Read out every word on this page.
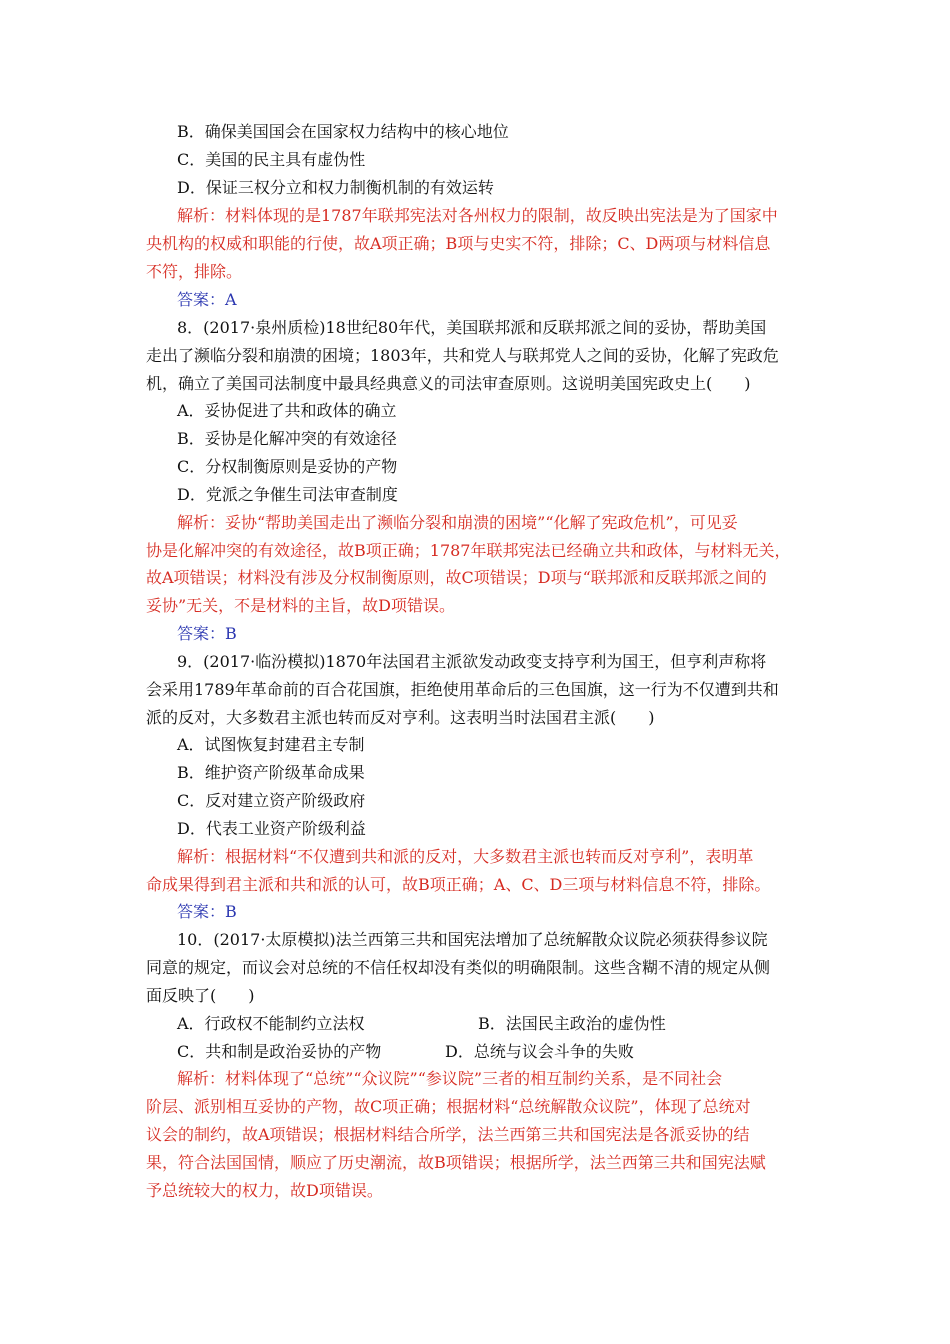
B．确保美国国会在国家权力结构中的核心地位
C．美国的民主具有虚伪性
D．保证三权分立和权力制衡机制的有效运转
解析：材料体现的是1787年联邦宪法对各州权力的限制，故反映出宪法是为了国家中
央机构的权威和职能的行使，故A项正确；B项与史实不符，排除；C、D两项与材料信息
不符，排除。
答案：A
8．(2017·泉州质检)18世纪80年代，美国联邦派和反联邦派之间的妥协，帮助美国
走出了濒临分裂和崩溃的困境；1803年，共和党人与联邦党人之间的妥协，化解了宪政危
机，确立了美国司法制度中最具经典意义的司法审查原则。这说明美国宪政史上(　　)
A．妥协促进了共和政体的确立
B．妥协是化解冲突的有效途径
C．分权制衡原则是妥协的产物
D．党派之争催生司法审查制度
解析：妥协“帮助美国走出了濒临分裂和崩溃的困境”“化解了宪政危机”，可见妥
协是化解冲突的有效途径，故B项正确；1787年联邦宪法已经确立共和政体，与材料无关，
故A项错误；材料没有涉及分权制衡原则，故C项错误；D项与“联邦派和反联邦派之间的
妥协”无关，不是材料的主旨，故D项错误。
答案：B
9．(2017·临汾模拟)1870年法国君主派欲发动政变支持亨利为国王，但亨利声称将
会采用1789年革命前的百合花国旗，拒绝使用革命后的三色国旗，这一行为不仅遭到共和
派的反对，大多数君主派也转而反对亨利。这表明当时法国君主派(　　)
A．试图恢复封建君主专制
B．维护资产阶级革命成果
C．反对建立资产阶级政府
D．代表工业资产阶级利益
解析：根据材料“不仅遭到共和派的反对，大多数君主派也转而反对亨利”，表明革
命成果得到君主派和共和派的认可，故B项正确；A、C、D三项与材料信息不符，排除。
答案：B
10．(2017·太原模拟)法兰西第三共和国宪法增加了总统解散众议院必须获得参议院
同意的规定，而议会对总统的不信任权却没有类似的明确限制。这些含糊不清的规定从侧
面反映了(　　)
A．行政权不能制约立法权	B．法国民主政治的虚伪性
C．共和制是政治妥协的产物	D．总统与议会斗争的失败
解析：材料体现了“总统”“众议院”“参议院”三者的相互制约关系，是不同社会
阶层、派别相互妥协的产物，故C项正确；根据材料“总统解散众议院”，体现了总统对
议会的制约，故A项错误；根据材料结合所学，法兰西第三共和国宪法是各派妥协的结
果，符合法国国情，顺应了历史潮流，故B项错误；根据所学，法兰西第三共和国宪法赋
予总统较大的权力，故D项错误。
